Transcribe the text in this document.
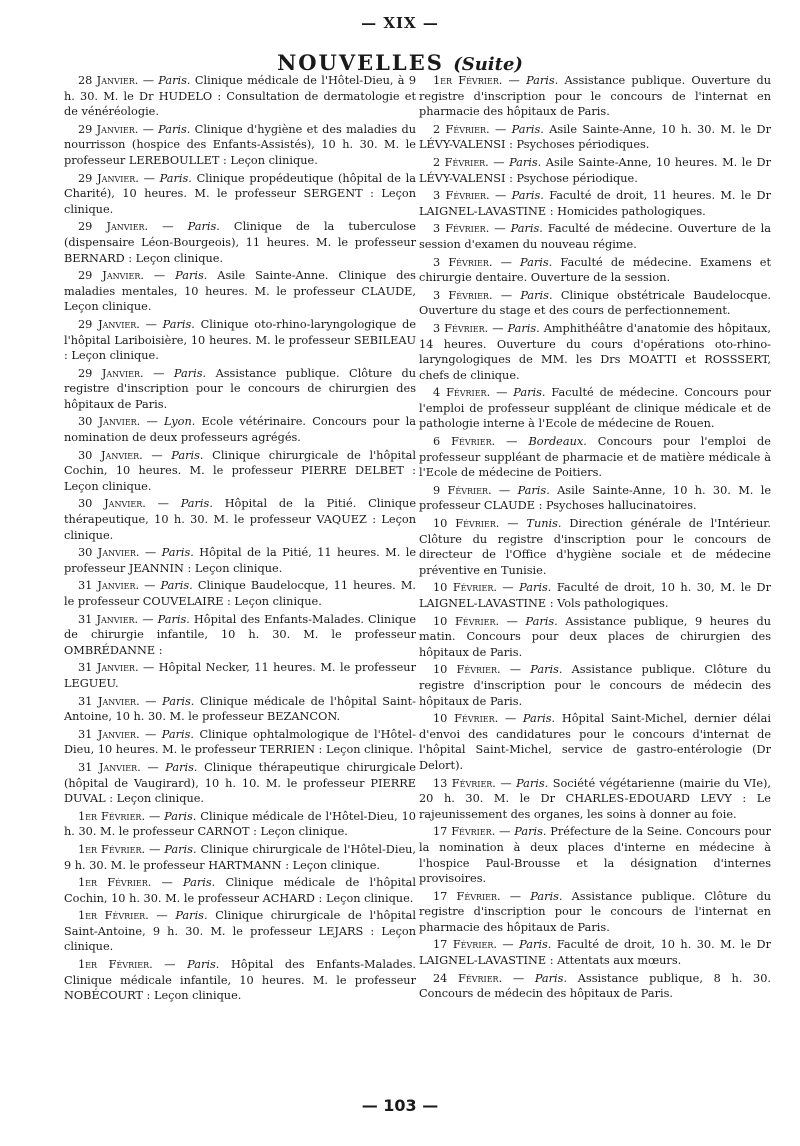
— XIX —
NOUVELLES (Suite)

28 Janvier. — Paris. Clinique médicale de l'Hôtel-Dieu, à 9 h. 30. M. le Dr HUDELO : Consultation de dermatologie et de vénéréologie.

29 Janvier. — Paris. Clinique d'hygiène et des maladies du nourrisson (hospice des Enfants-Assistés), 10 h. 30. M. le professeur LEREBOULLET : Leçon clinique.

29 Janvier. — Paris. Clinique propédeutique (hôpital de la Charité), 10 heures. M. le professeur SERGENT : Leçon clinique.

29 Janvier. — Paris. Clinique de la tuberculose (dispensaire Léon-Bourgeois), 11 heures. M. le professeur BERNARD : Leçon clinique.

29 Janvier. — Paris. Asile Sainte-Anne. Clinique des maladies mentales, 10 heures. M. le professeur CLAUDE, Leçon clinique.

29 Janvier. — Paris. Clinique oto-rhino-laryngologique de l'hôpital Lariboisière, 10 heures. M. le professeur SEBILEAU : Leçon clinique.

29 Janvier. — Paris. Assistance publique. Clôture du registre d'inscription pour le concours de chirurgien des hôpitaux de Paris.

30 Janvier. — Lyon. Ecole vétérinaire. Concours pour la nomination de deux professeurs agrégés.

30 Janvier. — Paris. Clinique chirurgicale de l'hôpital Cochin, 10 heures. M. le professeur PIERRE DELBET : Leçon clinique.

30 Janvier. — Paris. Hôpital de la Pitié. Clinique thérapeutique, 10 h. 30. M. le professeur VAQUEZ : Leçon clinique.

30 Janvier. — Paris. Hôpital de la Pitié, 11 heures. M. le professeur JEANNIN : Leçon clinique.

31 Janvier. — Paris. Clinique Baudelocque, 11 heures. M. le professeur COUVELAIRE : Leçon clinique.

31 Janvier. — Paris. Hôpital des Enfants-Malades. Clinique de chirurgie infantile, 10 h. 30. M. le professeur OMBRÉDANNE :

31 Janvier. — Hôpital Necker, 11 heures. M. le professeur LEGUEU.

31 Janvier. — Paris. Clinique médicale de l'hôpital Saint-Antoine, 10 h. 30. M. le professeur BEZANCON.

31 Janvier. — Paris. Clinique ophtalmologique de l'Hôtel-Dieu, 10 heures. M. le professeur TERRIEN : Leçon clinique.

31 Janvier. — Paris. Clinique thérapeutique chirurgicale (hôpital de Vaugirard), 10 h. 10. M. le professeur PIERRE DUVAL : Leçon clinique.

1er Février. — Paris. Clinique médicale de l'Hôtel-Dieu, 10 h. 30. M. le professeur CARNOT : Leçon clinique.

1er Février. — Paris. Clinique chirurgicale de l'Hôtel-Dieu, 9 h. 30. M. le professeur HARTMANN : Leçon clinique.

1er Février. — Paris. Clinique médicale de l'hôpital Cochin, 10 h. 30. M. le professeur ACHARD : Leçon clinique.

1er Février. — Paris. Clinique chirurgicale de l'hôpital Saint-Antoine, 9 h. 30. M. le professeur LEJARS : Leçon clinique.

1er Février. — Paris. Hôpital des Enfants-Malades. Clinique médicale infantile, 10 heures. M. le professeur NOBÉCOURT : Leçon clinique.

1er Février. — Paris. Assistance publique. Ouverture du registre d'inscription pour le concours de l'internat en pharmacie des hôpitaux de Paris.

2 Février. — Paris. Asile Sainte-Anne, 10 h. 30. M. le Dr LÉVY-VALENSI : Psychoses périodiques.

2 Février. — Paris. Asile Sainte-Anne, 10 heures. M. le Dr LÉVY-VALENSI : Psychose périodique.

3 Février. — Paris. Faculté de droit, 11 heures. M. le Dr LAIGNEL-LAVASTINE : Homicides pathologiques.

3 Février. — Paris. Faculté de médecine. Ouverture de la session d'examen du nouveau régime.

3 Février. — Paris. Faculté de médecine. Examens et chirurgie dentaire. Ouverture de la session.

3 Février. — Paris. Clinique obstétricale Baudelocque. Ouverture du stage et des cours de perfectionnement.

3 Février. — Paris. Amphithéâtre d'anatomie des hôpitaux, 14 heures. Ouverture du cours d'opérations oto-rhino-laryngologiques de MM. les Drs MOATTI et ROSSSERT, chefs de clinique.

4 Février. — Paris. Faculté de médecine. Concours pour l'emploi de professeur suppléant de clinique médicale et de pathologie interne à l'Ecole de médecine de Rouen.

6 Février. — Bordeaux. Concours pour l'emploi de professeur suppléant de pharmacie et de matière médicale à l'Ecole de médecine de Poitiers.

9 Février. — Paris. Asile Sainte-Anne, 10 h. 30. M. le professeur CLAUDE : Psychoses hallucinatoires.

10 Février. — Tunis. Direction générale de l'Intérieur. Clôture du registre d'inscription pour le concours de directeur de l'Office d'hygiène sociale et de médecine préventive en Tunisie.

10 Février. — Paris. Faculté de droit, 10 h. 30, M. le Dr LAIGNEL-LAVASTINE : Vols pathologiques.

10 Février. — Paris. Assistance publique, 9 heures du matin. Concours pour deux places de chirurgien des hôpitaux de Paris.

10 Février. — Paris. Assistance publique. Clôture du registre d'inscription pour le concours de médecin des hôpitaux de Paris.

10 Février. — Paris. Hôpital Saint-Michel, dernier délai d'envoi des candidatures pour le concours d'internat de l'hôpital Saint-Michel, service de gastro-entérologie (Dr Delort).

13 Février. — Paris. Société végétarienne (mairie du VIe), 20 h. 30. M. le Dr CHARLES-EDOUARD LEVY : Le rajeunissement des organes, les soins à donner au foie.

17 Février. — Paris. Préfecture de la Seine. Concours pour la nomination à deux places d'interne en médecine à l'hospice Paul-Brousse et la désignation d'internes provisoires.

17 Février. — Paris. Assistance publique. Clôture du registre d'inscription pour le concours de l'internat en pharmacie des hôpitaux de Paris.

17 Février. — Paris. Faculté de droit, 10 h. 30. M. le Dr LAIGNEL-LAVASTINE : Attentats aux mœurs.

24 Février. — Paris. Assistance publique, 8 h. 30. Concours de médecin des hôpitaux de Paris.

— 103 —
